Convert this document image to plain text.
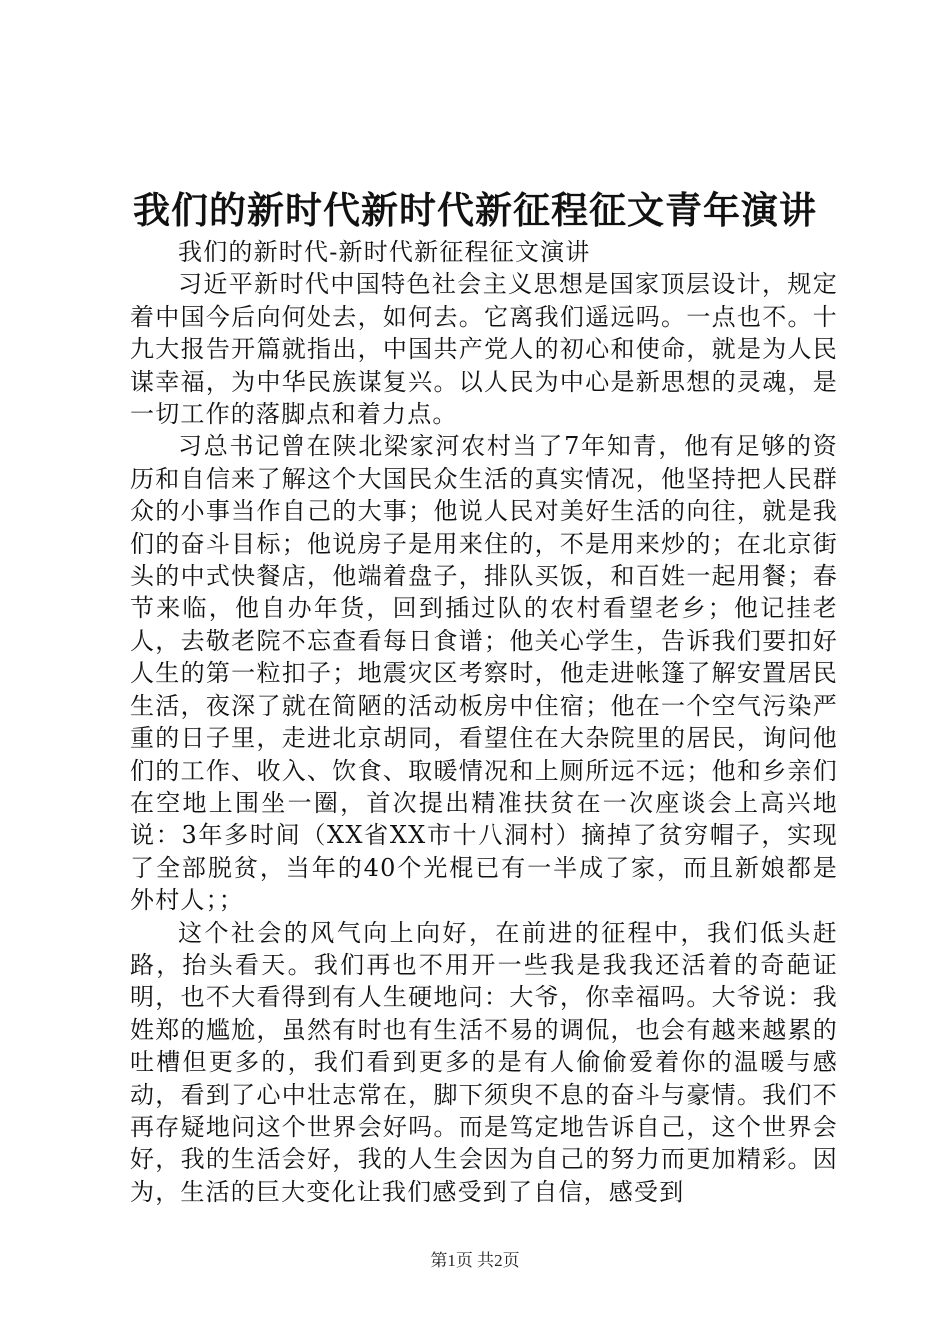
我们的新时代新时代新征程征文青年演讲

我们的新时代-新时代新征程征文演讲

习近平新时代中国特色社会主义思想是国家顶层设计，规定着中国今后向何处去，如何去。它离我们遥远吗。一点也不。十九大报告开篇就指出，中国共产党人的初心和使命，就是为人民谋幸福，为中华民族谋复兴。以人民为中心是新思想的灵魂，是一切工作的落脚点和着力点。

习总书记曾在陕北梁家河农村当了7年知青，他有足够的资历和自信来了解这个大国民众生活的真实情况，他坚持把人民群众的小事当作自己的大事；他说人民对美好生活的向往，就是我们的奋斗目标；他说房子是用来住的，不是用来炒的；在北京街头的中式快餐店，他端着盘子，排队买饭，和百姓一起用餐；春节来临，他自办年货，回到插过队的农村看望老乡；他记挂老人，去敬老院不忘查看每日食谱；他关心学生，告诉我们要扣好人生的第一粒扣子；地震灾区考察时，他走进帐篷了解安置居民生活，夜深了就在简陋的活动板房中住宿；他在一个空气污染严重的日子里，走进北京胡同，看望住在大杂院里的居民，询问他们的工作、收入、饮食、取暖情况和上厕所远不远；他和乡亲们在空地上围坐一圈，首次提出精准扶贫在一次座谈会上高兴地说：3年多时间（XX省XX市十八洞村）摘掉了贫穷帽子，实现了全部脱贫，当年的40个光棍已有一半成了家，而且新娘都是外村人；；

这个社会的风气向上向好，在前进的征程中，我们低头赶路，抬头看天。我们再也不用开一些我是我我还活着的奇葩证明，也不大看得到有人生硬地问：大爷，你幸福吗。大爷说：我姓郑的尴尬，虽然有时也有生活不易的调侃，也会有越来越累的吐槽但更多的，我们看到更多的是有人偷偷爱着你的温暖与感动，看到了心中壮志常在，脚下须臾不息的奋斗与豪情。我们不再存疑地问这个世界会好吗。而是笃定地告诉自己，这个世界会好，我的生活会好，我的人生会因为自己的努力而更加精彩。因为，生活的巨大变化让我们感受到了自信，感受到

第1页 共2页
